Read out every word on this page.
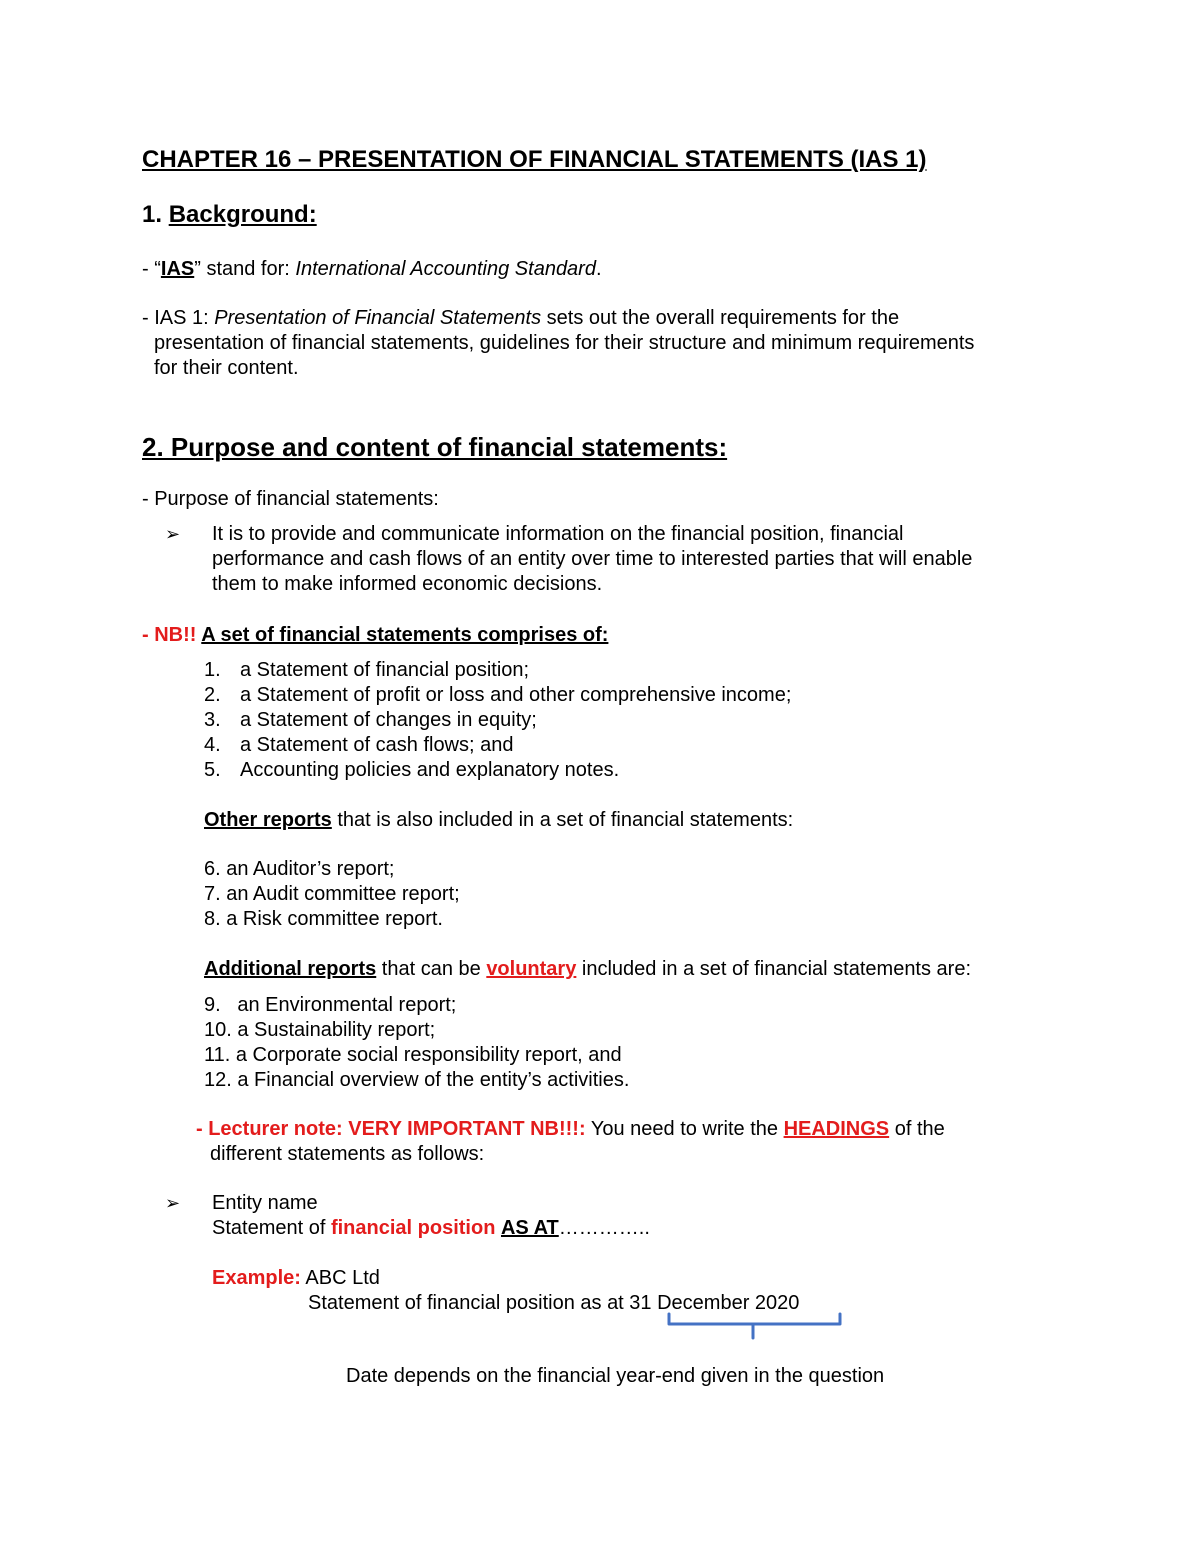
CHAPTER 16 – PRESENTATION OF FINANCIAL STATEMENTS (IAS 1)
1. Background:
- “IAS” stand for: International Accounting Standard.
- IAS 1: Presentation of Financial Statements sets out the overall requirements for the
presentation of financial statements, guidelines for their structure and minimum requirements
for their content.
2. Purpose and content of financial statements:
- Purpose of financial statements:
➢ It is to provide and communicate information on the financial position, financial
performance and cash flows of an entity over time to interested parties that will enable
them to make informed economic decisions.
- NB!! A set of financial statements comprises of:
1. a Statement of financial position;
2. a Statement of profit or loss and other comprehensive income;
3. a Statement of changes in equity;
4. a Statement of cash flows; and
5. Accounting policies and explanatory notes.
Other reports that is also included in a set of financial statements:
6. an Auditor’s report;
7. an Audit committee report;
8. a Risk committee report.
Additional reports that can be voluntary included in a set of financial statements are:
9.   an Environmental report;
10. a Sustainability report;
11. a Corporate social responsibility report, and
12. a Financial overview of the entity’s activities.
- Lecturer note: VERY IMPORTANT NB!!!: You need to write the HEADINGS of the
different statements as follows:
➢ Entity name
Statement of financial position AS AT…………..
Example: ABC Ltd
Statement of financial position as at 31 December 2020
Date depends on the financial year-end given in the question
